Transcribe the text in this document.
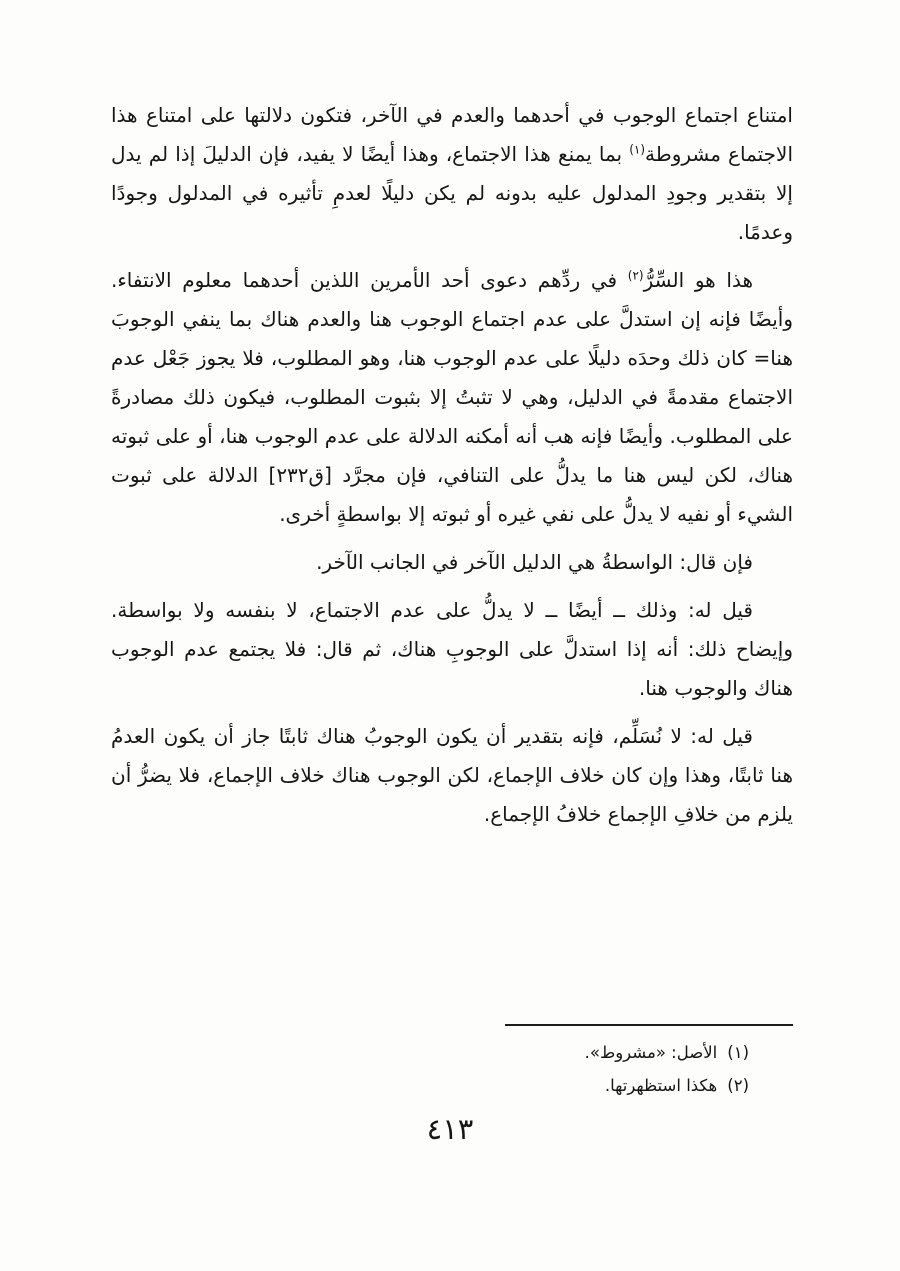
امتناع اجتماع الوجوب في أحدهما والعدم في الآخر، فتكون دلالتها على امتناع هذا الاجتماع مشروطة$^{(١)}$ بما يمنع هذا الاجتماع، وهذا أيضًا لا يفيد، فإن الدليلَ إذا لم يدل إلا بتقدير وجودِ المدلول عليه بدونه لم يكن دليلًا لعدمِ تأثيره في المدلول وجودًا وعدمًا.

هذا هو السِّرُّ$^{(٢)}$ في ردِّهم دعوى أحد الأمرين اللذين أحدهما معلوم الانتفاء. وأيضًا فإنه إن استدلَّ على عدم اجتماع الوجوب هنا والعدم هناك بما ينفي الوجوبَ هنا= كان ذلك وحدَه دليلًا على عدم الوجوب هنا، وهو المطلوب، فلا يجوز جَعْل عدم الاجتماع مقدمةً في الدليل، وهي لا تثبتُ إلا بثبوت المطلوب، فيكون ذلك مصادرةً على المطلوب. وأيضًا فإنه هب أنه أمكنه الدلالة على عدم الوجوب هنا، أو على ثبوته هناك، لكن ليس هنا ما يدلُّ على التنافي، فإن مجرَّد [ق٢٣٢] الدلالة على ثبوت الشيء أو نفيه لا يدلُّ على نفي غيره أو ثبوته إلا بواسطةٍ أخرى.

فإن قال: الواسطةُ هي الدليل الآخر في الجانب الآخر.

قيل له: وذلك ــ أيضًا ــ لا يدلُّ على عدم الاجتماع، لا بنفسه ولا بواسطة. وإيضاح ذلك: أنه إذا استدلَّ على الوجوبِ هناك، ثم قال: فلا يجتمع عدم الوجوب هناك والوجوب هنا.

قيل له: لا نُسَلِّم، فإنه بتقدير أن يكون الوجوبُ هناك ثابتًا جاز أن يكون العدمُ هنا ثابتًا، وهذا وإن كان خلاف الإجماع، لكن الوجوب هناك خلاف الإجماع، فلا يضرُّ أن يلزم من خلافِ الإجماع خلافُ الإجماع.

(١)الأصل: «مشروط».
(٢)هكذا استظهرتها.
٤١٣
